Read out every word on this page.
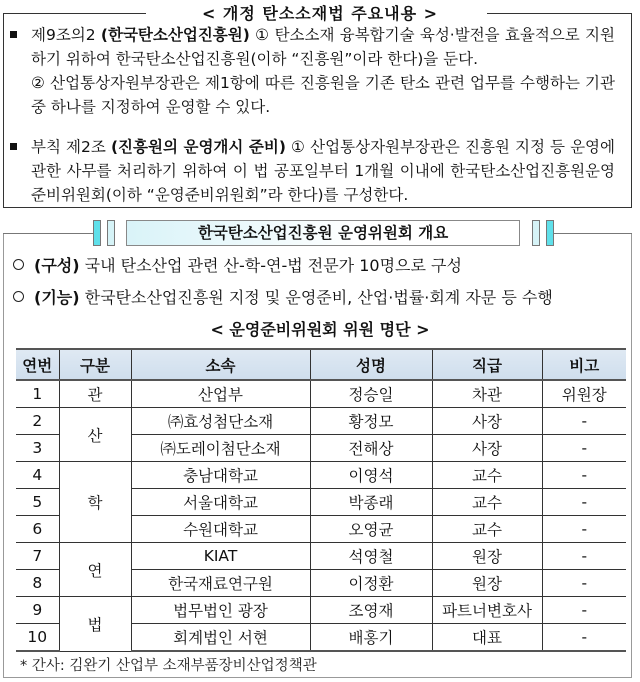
< 개정 탄소소재법 주요내용 >
제9조의2 (한국탄소산업진흥원) ① 탄소소재 융복합기술 육성·발전을 효율적으로 지원하기 위하여 한국탄소산업진흥원(이하 “진흥원”이라 한다)을 둔다.
② 산업통상자원부장관은 제1항에 따른 진흥원을 기존 탄소 관련 업무를 수행하는 기관 중 하나를 지정하여 운영할 수 있다.
부칙 제2조 (진흥원의 운영개시 준비) ① 산업통상자원부장관은 진흥원 지정 등 운영에 관한 사무를 처리하기 위하여 이 법 공포일부터 1개월 이내에 한국탄소산업진흥원운영준비위원회(이하 “운영준비위원회”라 한다)를 구성한다.
한국탄소산업진흥원 운영위원회 개요
(구성) 국내 탄소산업 관련 산-학-연-법 전문가 10명으로 구성
(기능) 한국탄소산업진흥원 지정 및 운영준비, 산업·법률·회계 자문 등 수행
< 운영준비위원회 위원 명단 >
연번	구분	소속	성명	직급	비고
1	관	산업부	정승일	차관	위원장
2	산	㈜효성첨단소재	황정모	사장	-
3		㈜도레이첨단소재	전해상	사장	-
4	학	충남대학교	이영석	교수	-
5		서울대학교	박종래	교수	-
6		수원대학교	오영균	교수	-
7	연	KIAT	석영철	원장	-
8		한국재료연구원	이정환	원장	-
9	법	법무법인 광장	조영재	파트너변호사	-
10		회계법인 서현	배홍기	대표	-
* 간사: 김완기 산업부 소재부품장비산업정책관
